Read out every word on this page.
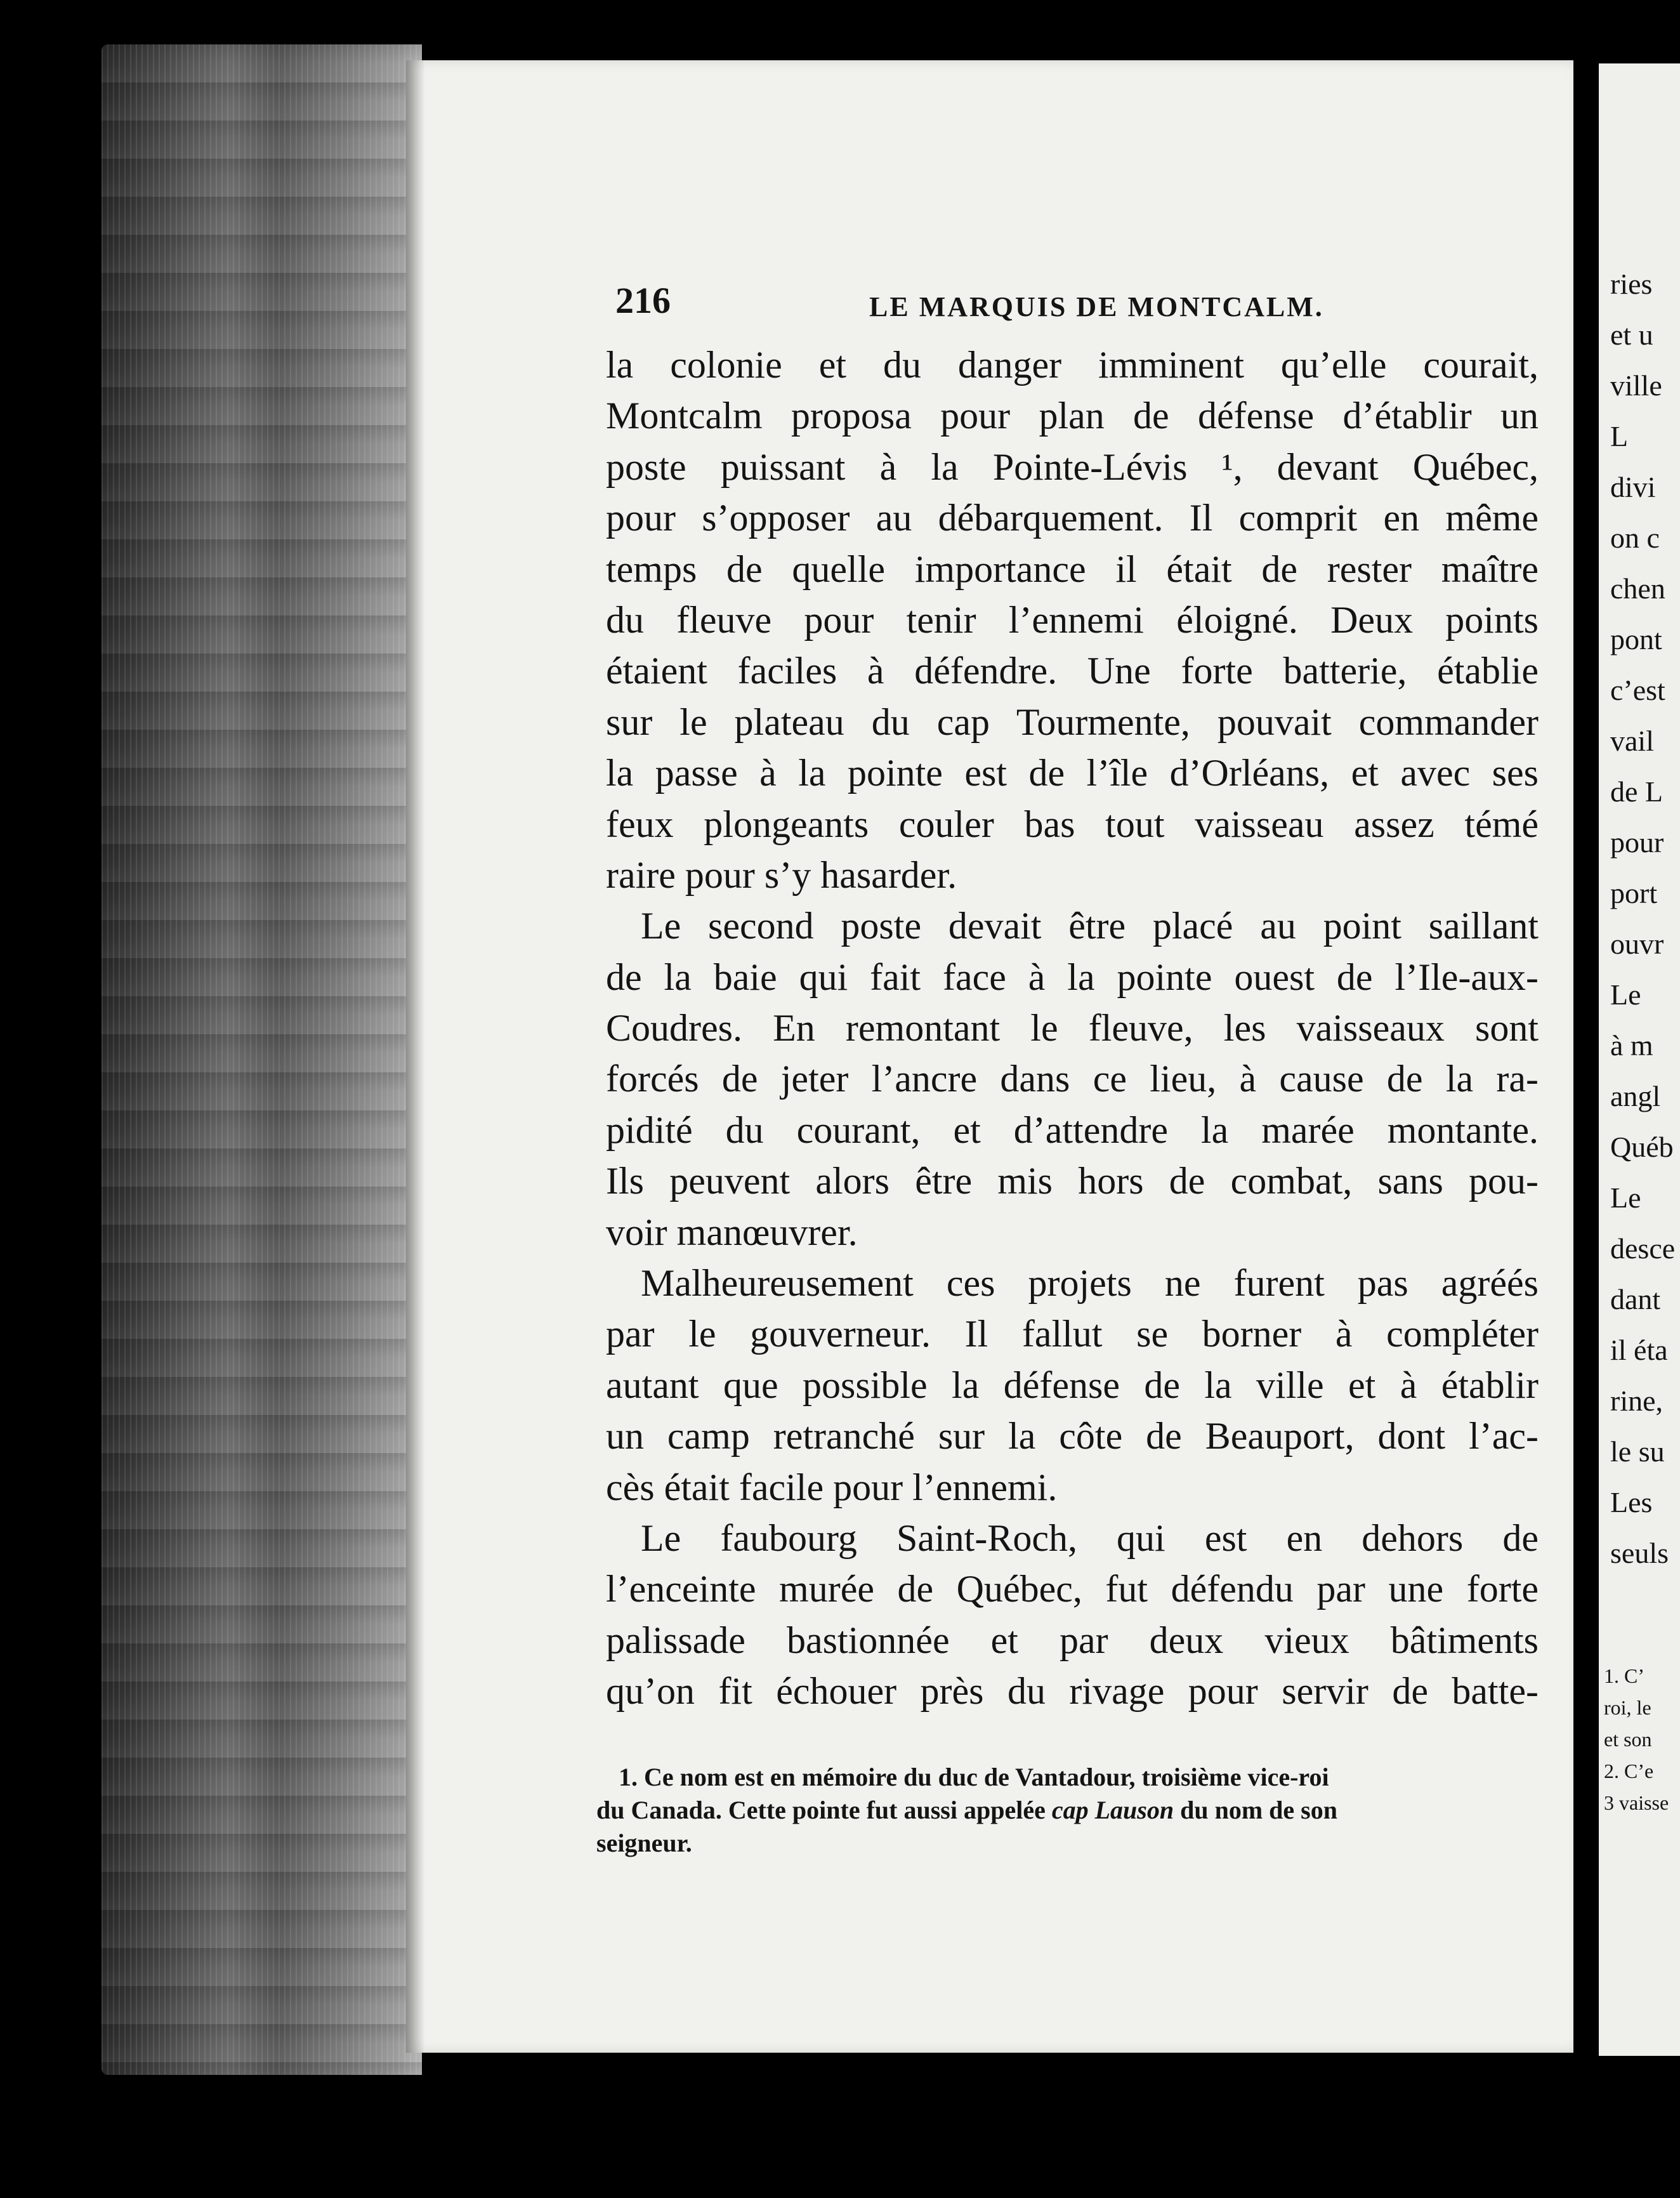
216	LE MARQUIS DE MONTCALM.
la colonie et du danger imminent qu’elle courait,
Montcalm proposa pour plan de défense d’établir un
poste puissant à la Pointe-Lévis ¹, devant Québec,
pour s’opposer au débarquement. Il comprit en même
temps de quelle importance il était de rester maître
du fleuve pour tenir l’ennemi éloigné. Deux points
étaient faciles à défendre. Une forte batterie, établie
sur le plateau du cap Tourmente, pouvait commander
la passe à la pointe est de l’île d’Orléans, et avec ses
feux plongeants couler bas tout vaisseau assez témé
raire pour s’y hasarder.
Le second poste devait être placé au point saillant
de la baie qui fait face à la pointe ouest de l’Ile-aux-
Coudres. En remontant le fleuve, les vaisseaux sont
forcés de jeter l’ancre dans ce lieu, à cause de la ra-
pidité du courant, et d’attendre la marée montante.
Ils peuvent alors être mis hors de combat, sans pou-
voir manœuvrer.
Malheureusement ces projets ne furent pas agréés
par le gouverneur. Il fallut se borner à compléter
autant que possible la défense de la ville et à établir
un camp retranché sur la côte de Beauport, dont l’ac-
cès était facile pour l’ennemi.
Le faubourg Saint-Roch, qui est en dehors de
l’enceinte murée de Québec, fut défendu par une forte
palissade bastionnée et par deux vieux bâtiments
qu’on fit échouer près du rivage pour servir de batte-
1. Ce nom est en mémoire du duc de Vantadour, troisième vice-roi
du Canada. Cette pointe fut aussi appelée cap Lauson du nom de son
seigneur.
ries
et u
ville
L
divi
on c
chen
pont
c’est
vail
de L
pour
port
ouvr
Le
à m
angl
Québ
Le
desce
dant
il éta
rine,
le su
Les
seuls
1. C’
roi, le
et son
2. C’e
3 vaisse
